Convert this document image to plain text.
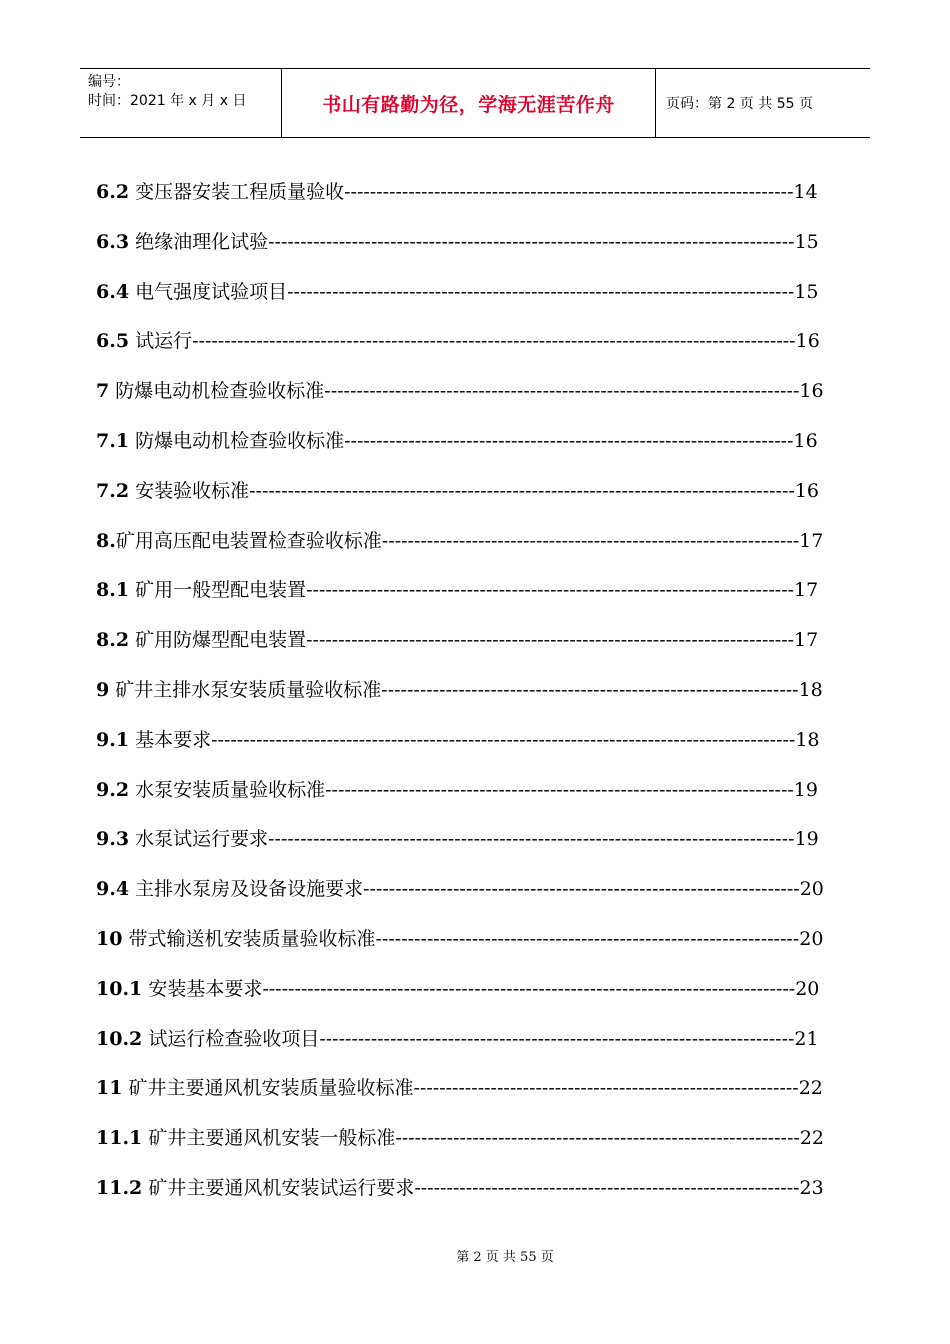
编号：
时间：2021 年 x 月 x 日	书山有路勤为径，学海无涯苦作舟	页码：第 2 页 共 55 页
6.2 变压器安装工程质量验收----------------------------------------------------------------------14
6.3 绝缘油理化试验----------------------------------------------------------------------------------15
6.4 电气强度试验项目-------------------------------------------------------------------------------15
6.5 试运行----------------------------------------------------------------------------------------------16
7 防爆电动机检查验收标准--------------------------------------------------------------------------16
7.1 防爆电动机检查验收标准----------------------------------------------------------------------16
7.2 安装验收标准-------------------------------------------------------------------------------------16
8.矿用高压配电装置检查验收标准-----------------------------------------------------------------17
8.1 矿用一般型配电装置----------------------------------------------------------------------------17
8.2 矿用防爆型配电装置----------------------------------------------------------------------------17
9 矿井主排水泵安装质量验收标准-----------------------------------------------------------------18
9.1 基本要求-------------------------------------------------------------------------------------------18
9.2 水泵安装质量验收标准-------------------------------------------------------------------------19
9.3 水泵试运行要求----------------------------------------------------------------------------------19
9.4 主排水泵房及设备设施要求--------------------------------------------------------------------20
10 带式输送机安装质量验收标准------------------------------------------------------------------20
10.1 安装基本要求-----------------------------------------------------------------------------------20
10.2 试运行检查验收项目--------------------------------------------------------------------------21
11 矿井主要通风机安装质量验收标准------------------------------------------------------------22
11.1 矿井主要通风机安装一般标准---------------------------------------------------------------22
11.2 矿井主要通风机安装试运行要求------------------------------------------------------------23
第 2 页 共 55 页
